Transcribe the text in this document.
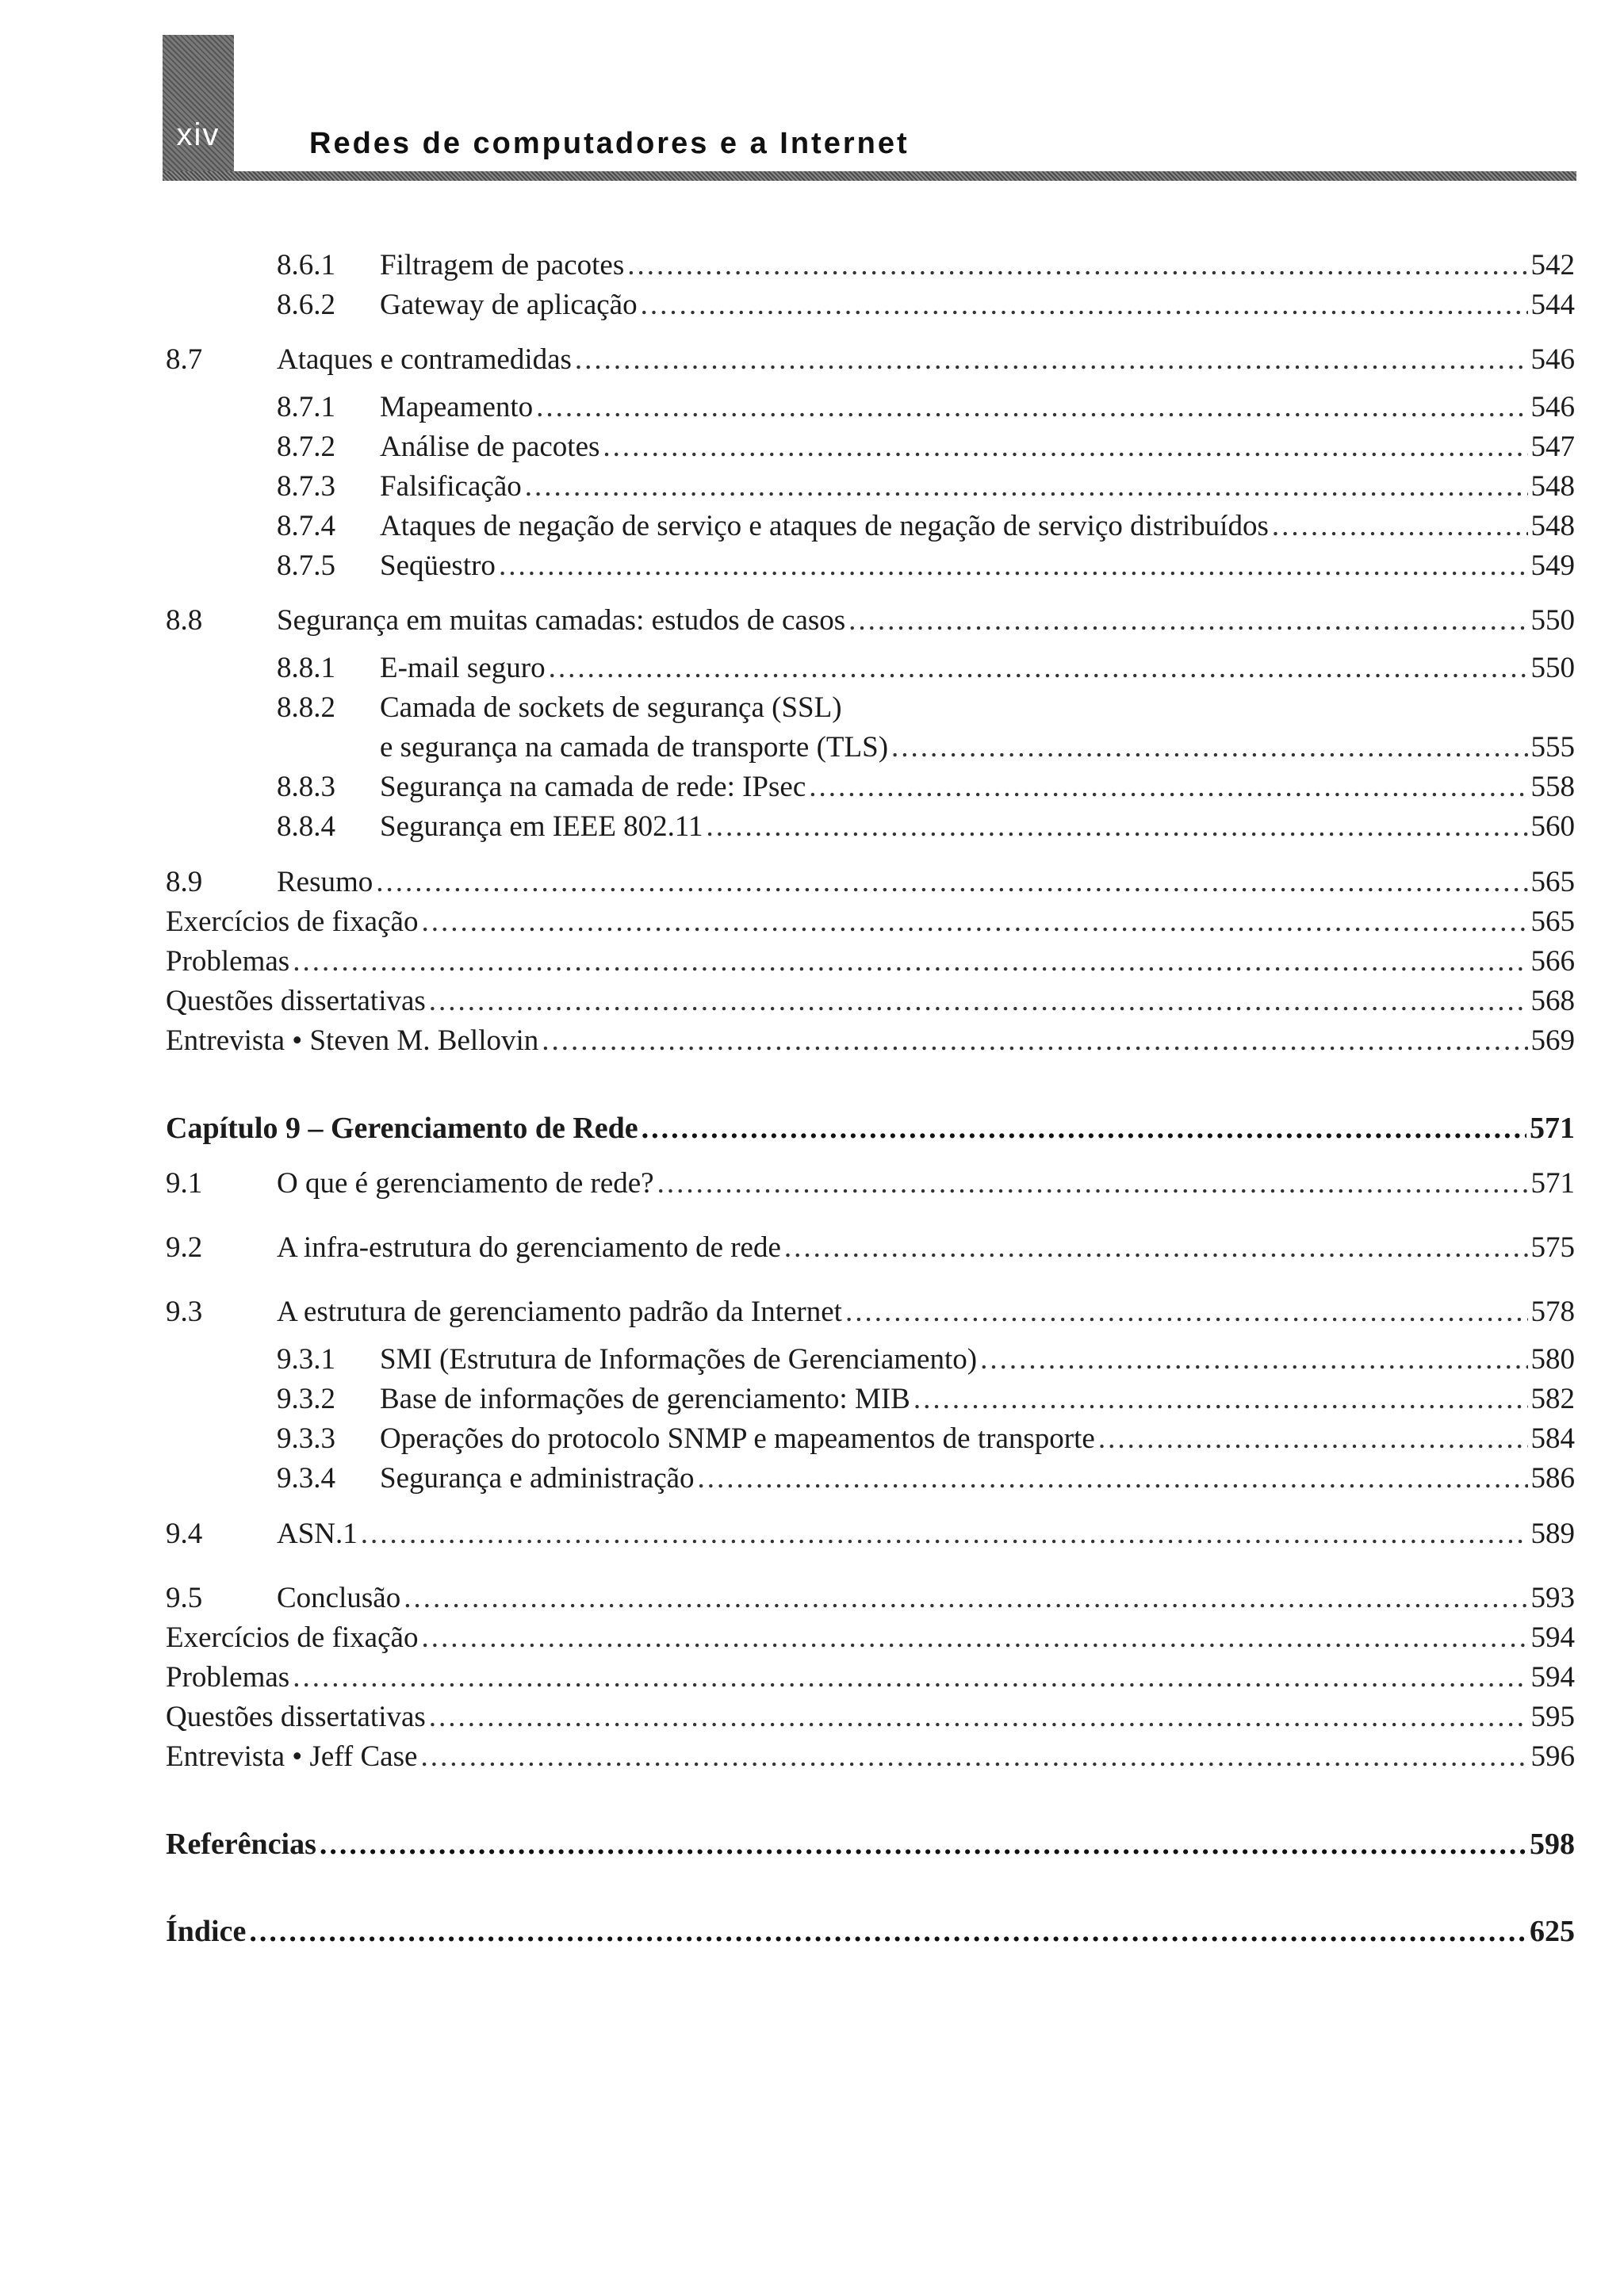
xiv	Redes de computadores e a Internet
8.6.1	Filtragem de pacotes .....	542
8.6.2	Gateway de aplicação .....	544
8.7	Ataques e contramedidas .....	546
8.7.1	Mapeamento .....	546
8.7.2	Análise de pacotes .....	547
8.7.3	Falsificação .....	548
8.7.4	Ataques de negação de serviço e ataques de negação de serviço distribuídos .....	548
8.7.5	Seqüestro .....	549
8.8	Segurança em muitas camadas: estudos de casos .....	550
8.8.1	E-mail seguro .....	550
8.8.2	Camada de sockets de segurança (SSL)
e segurança na camada de transporte (TLS) .....	555
8.8.3	Segurança na camada de rede: IPsec .....	558
8.8.4	Segurança em IEEE 802.11 .....	560
8.9	Resumo .....	565
Exercícios de fixação .....	565
Problemas .....	566
Questões dissertativas .....	568
Entrevista • Steven M. Bellovin .....	569
Capítulo 9 – Gerenciamento de Rede .....	571
9.1	O que é gerenciamento de rede? .....	571
9.2	A infra-estrutura do gerenciamento de rede .....	575
9.3	A estrutura de gerenciamento padrão da Internet .....	578
9.3.1	SMI (Estrutura de Informações de Gerenciamento) .....	580
9.3.2	Base de informações de gerenciamento: MIB .....	582
9.3.3	Operações do protocolo SNMP e mapeamentos de transporte .....	584
9.3.4	Segurança e administração .....	586
9.4	ASN.1 .....	589
9.5	Conclusão .....	593
Exercícios de fixação .....	594
Problemas .....	594
Questões dissertativas .....	595
Entrevista • Jeff Case .....	596
Referências .....	598
Índice .....	625
